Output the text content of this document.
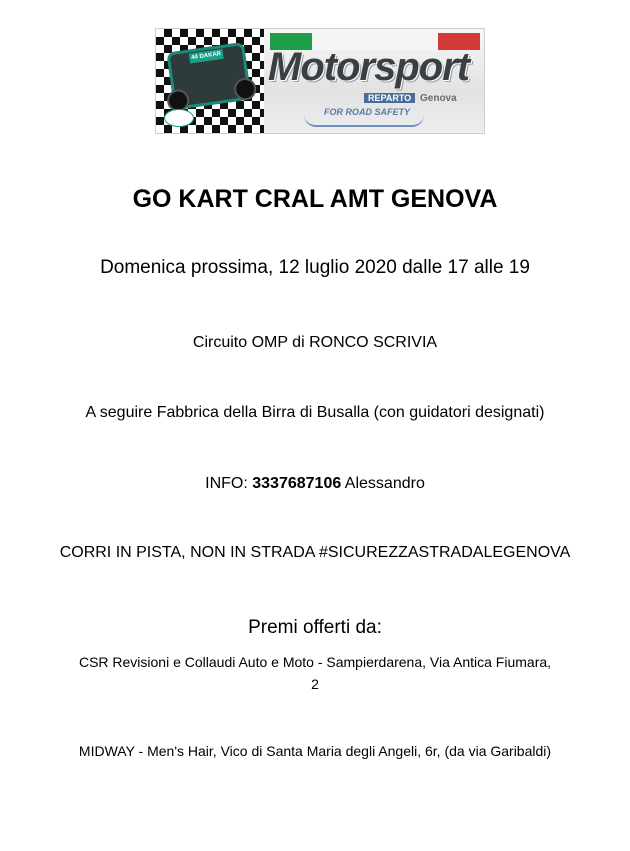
44 DAKAR Motorsport
REPARTO Genova
FOR ROAD SAFETY
GO KART CRAL AMT GENOVA
Domenica prossima, 12 luglio 2020 dalle 17 alle 19
Circuito OMP di RONCO SCRIVIA
A seguire Fabbrica della Birra di Busalla (con guidatori designati)
INFO: 3337687106 Alessandro
CORRI IN PISTA, NON IN STRADA #SICUREZZASTRADALEGENOVA
Premi offerti da:
CSR Revisioni e Collaudi Auto e Moto - Sampierdarena, Via Antica Fiumara, 2
MIDWAY - Men's Hair, Vico di Santa Maria degli Angeli, 6r, (da via Garibaldi)
